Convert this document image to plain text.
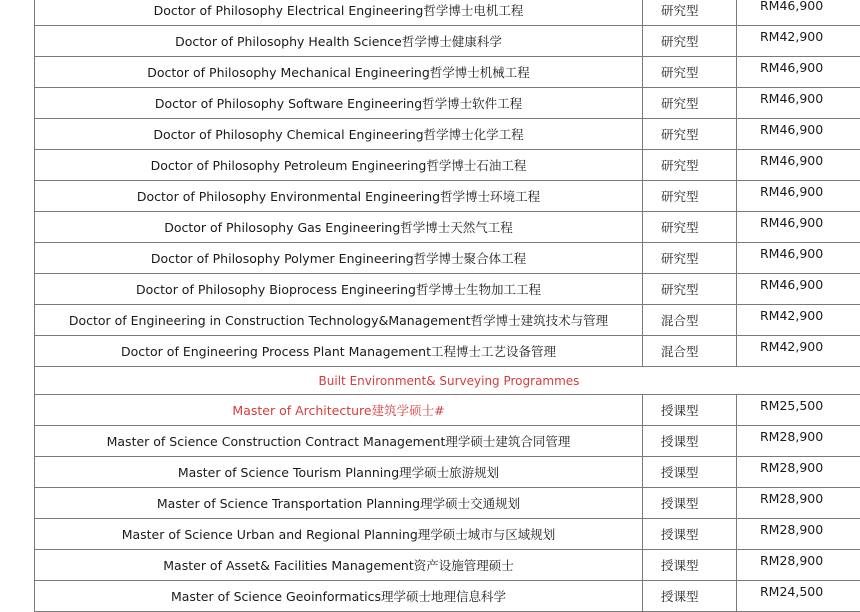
Doctor of Philosophy Electrical Engineering哲学博士电机工程	研究型	RM46,900
Doctor of Philosophy Health Science哲学博士健康科学	研究型	RM42,900
Doctor of Philosophy Mechanical Engineering哲学博士机械工程	研究型	RM46,900
Doctor of Philosophy Software Engineering哲学博士软件工程	研究型	RM46,900
Doctor of Philosophy Chemical Engineering哲学博士化学工程	研究型	RM46,900
Doctor of Philosophy Petroleum Engineering哲学博士石油工程	研究型	RM46,900
Doctor of Philosophy Environmental Engineering哲学博士环境工程	研究型	RM46,900
Doctor of Philosophy Gas Engineering哲学博士天然气工程	研究型	RM46,900
Doctor of Philosophy Polymer Engineering哲学博士聚合体工程	研究型	RM46,900
Doctor of Philosophy Bioprocess Engineering哲学博士生物加工工程	研究型	RM46,900
Doctor of Engineering in Construction Technology&Management哲学博士建筑技术与管理	混合型	RM42,900
Doctor of Engineering Process Plant Management工程博士工艺设备管理	混合型	RM42,900
Built Environment& Surveying Programmes		
Master of Architecture建筑学硕士#	授课型	RM25,500
Master of Science Construction Contract Management理学硕士建筑合同管理	授课型	RM28,900
Master of Science Tourism Planning理学硕士旅游规划	授课型	RM28,900
Master of Science Transportation Planning理学硕士交通规划	授课型	RM28,900
Master of Science Urban and Regional Planning理学硕士城市与区域规划	授课型	RM28,900
Master of Asset& Facilities Management资产设施管理硕士	授课型	RM28,900
Master of Science Geoinformatics理学硕士地理信息科学	授课型	RM24,500
